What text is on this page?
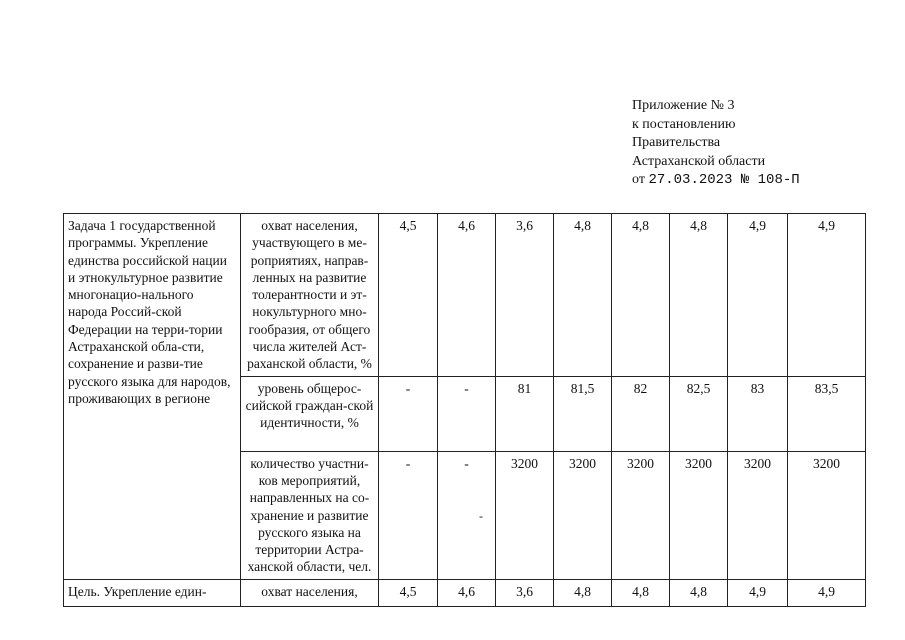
Приложение № 3
к постановлению
Правительства
Астраханской области
от 27.03.2023 № 108-П
Задача 1 государственной программы. Укрепление единства российской нации и этнокультурное развитие многонацио-нального народа Россий-ской Федерации на терри-тории Астраханской обла-сти, сохранение и разви-тие русского языка для народов, проживающих в регионе	охват населения, участвующего в ме-роприятиях, направ-ленных на развитие толерантности и эт-нокультурного мно-гообразия, от общего числа жителей Аст-раханской области, %	4,5	4,6	3,6	4,8	4,8	4,8	4,9	4,9
	уровень общерос-сийской граждан-ской идентичности, %	-	-	81	81,5	82	82,5	83	83,5
	количество участни-ков мероприятий, направленных на со-хранение и развитие русского языка на территории Астра-ханской области, чел.	-	-	3200	3200	3200	3200	3200	3200
Цель. Укрепление един-	охват населения,	4,5	4,6	3,6	4,8	4,8	4,8	4,9	4,9
-
